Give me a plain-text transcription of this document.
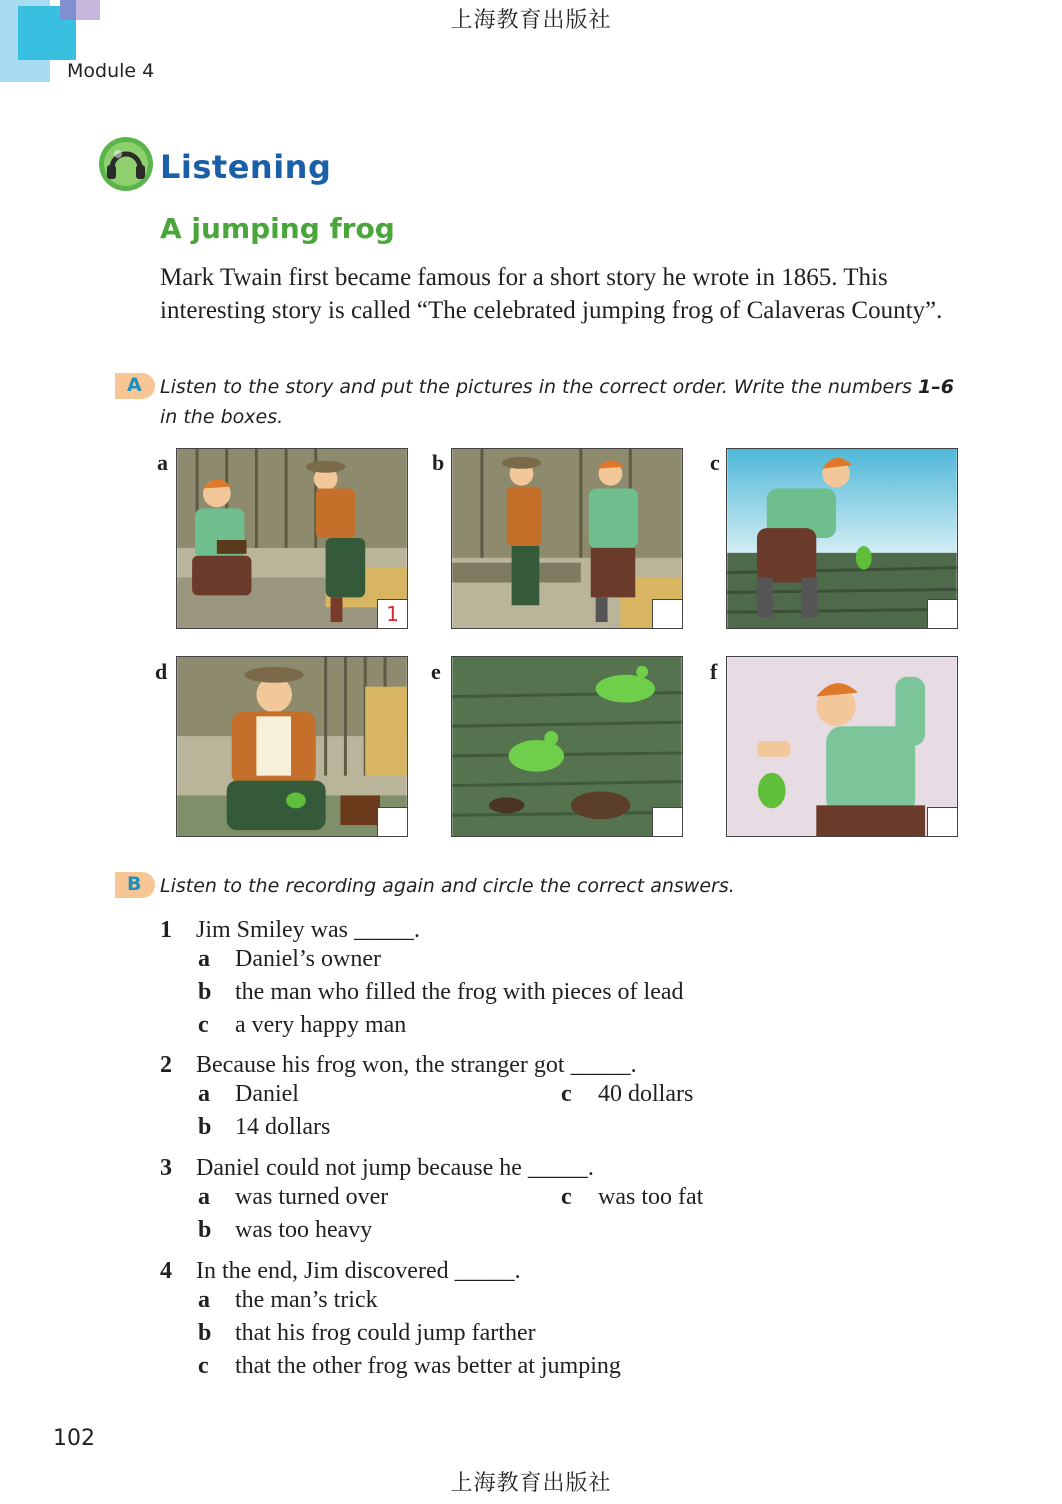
上海教育出版社
Module 4
Listening
A jumping frog
Mark Twain first became famous for a short story he wrote in 1865. This interesting story is called “The celebrated jumping frog of Calaveras County”.
A Listen to the story and put the pictures in the correct order. Write the numbers 1–6 in the boxes.
a
1
b	c
d	e	f
B Listen to the recording again and circle the correct answers.
1 Jim Smiley was _____.
a Daniel’s owner
b the man who filled the frog with pieces of lead
c a very happy man
2 Because his frog won, the stranger got _____.
a Daniel	c 40 dollars
b 14 dollars
3 Daniel could not jump because he _____.
a was turned over	c was too fat
b was too heavy
4 In the end, Jim discovered _____.
a the man’s trick
b that his frog could jump farther
c that the other frog was better at jumping
102
上海教育出版社
